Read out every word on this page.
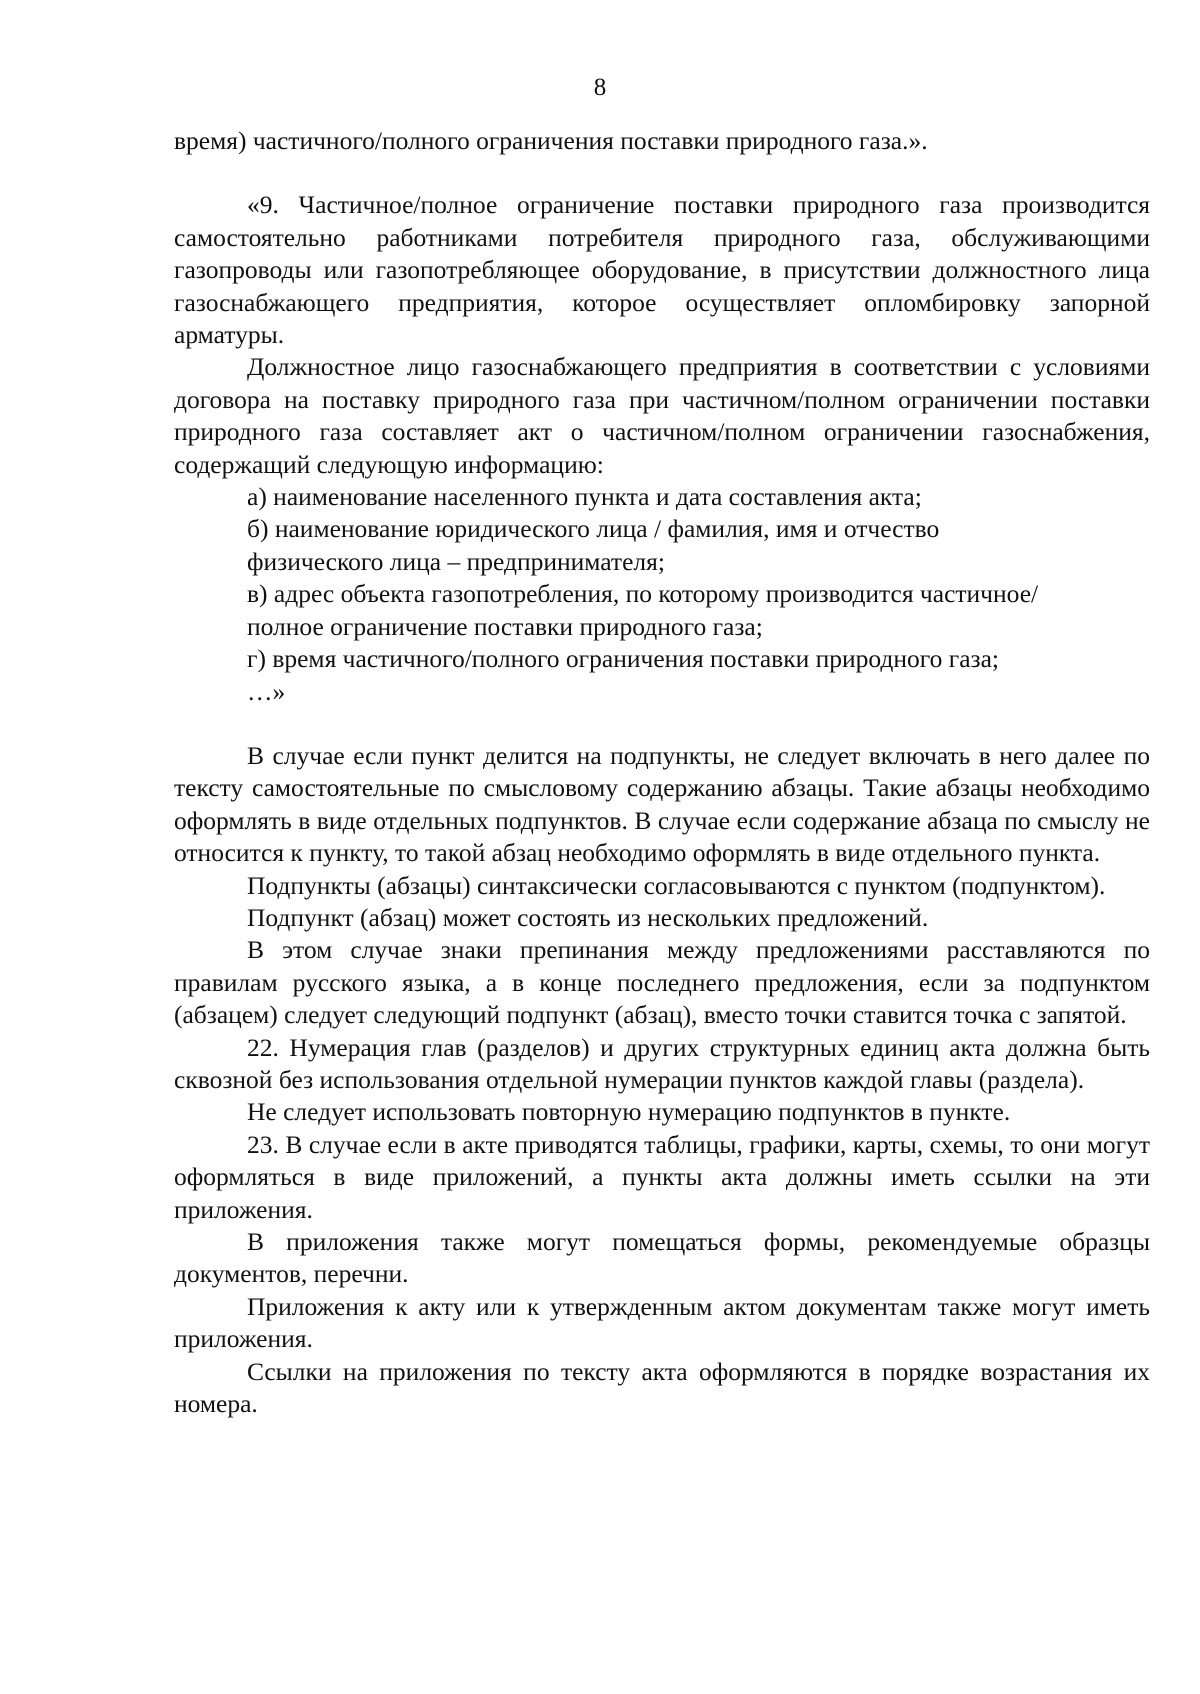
8

время) частичного/полного ограничения поставки природного газа.».

«9. Частичное/полное ограничение поставки природного газа производится самостоятельно работниками потребителя природного газа, обслуживающими газопроводы или газопотребляющее оборудование, в присутствии должностного лица газоснабжающего предприятия, которое осуществляет опломбировку запорной арматуры.

Должностное лицо газоснабжающего предприятия в соответствии с условиями договора на поставку природного газа при частичном/полном ограничении поставки природного газа составляет акт о частичном/полном ограничении газоснабжения, содержащий следующую информацию:

а) наименование населенного пункта и дата составления акта;

б) наименование юридического лица / фамилия, имя и отчество

физического лица – предпринимателя;

в) адрес объекта газопотребления, по которому производится частичное/

полное ограничение поставки природного газа;

г) время частичного/полного ограничения поставки природного газа;

…»

В случае если пункт делится на подпункты, не следует включать в него далее по тексту самостоятельные по смысловому содержанию абзацы. Такие абзацы необходимо оформлять в виде отдельных подпунктов. В случае если содержание абзаца по смыслу не относится к пункту, то такой абзац необходимо оформлять в виде отдельного пункта.

Подпункты (абзацы) синтаксически согласовываются с пунктом (подпунктом).

Подпункт (абзац) может состоять из нескольких предложений.

В этом случае знаки препинания между предложениями расставляются по правилам русского языка, а в конце последнего предложения, если за подпунктом (абзацем) следует следующий подпункт (абзац), вместо точки ставится точка с запятой.

22. Нумерация глав (разделов) и других структурных единиц акта должна быть сквозной без использования отдельной нумерации пунктов каждой главы (раздела).

Не следует использовать повторную нумерацию подпунктов в пункте.

23. В случае если в акте приводятся таблицы, графики, карты, схемы, то они могут оформляться в виде приложений, а пункты акта должны иметь ссылки на эти приложения.

В приложения также могут помещаться формы, рекомендуемые образцы документов, перечни.

Приложения к акту или к утвержденным актом документам также могут иметь приложения.

Ссылки на приложения по тексту акта оформляются в порядке возрастания их номера.
